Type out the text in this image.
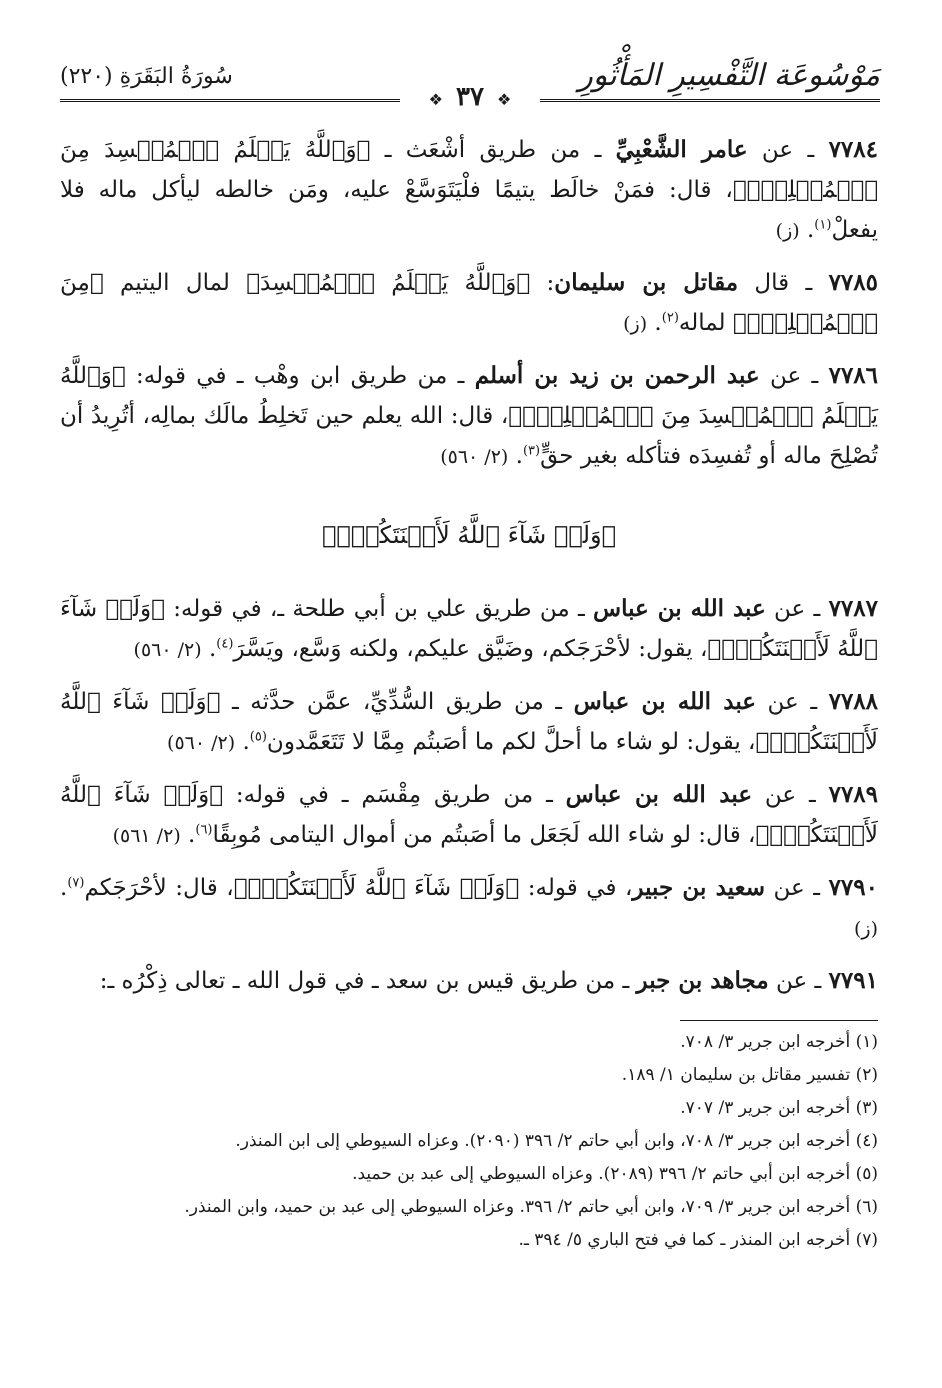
مَوْسُوعَة التَّفْسِيرِ المَأْثُورِ
سُورَةُ البَقَرَةِ (٢٢٠)
❖ ٣٧ ❖

٧٧٨٤ ـ عن عامر الشَّعْبِيِّ ـ من طريق أشْعَث ـ ﴿وَٱللَّهُ يَعۡلَمُ ٱلۡمُفۡسِدَ مِنَ ٱلۡمُصۡلِحِۚ﴾، قال: فمَنْ خالَط يتيمًا فلْيَتَوَسَّعْ عليه، ومَن خالطه ليأكل ماله فلا يفعلْ$^{(١)}$. (ز)

٧٧٨٥ ـ قال مقاتل بن سليمان: ﴿وَٱللَّهُ يَعۡلَمُ ٱلۡمُفۡسِدَ﴾ لمال اليتيم ﴿مِنَ ٱلۡمُصۡلِحِۚ﴾ لماله$^{(٢)}$. (ز)

٧٧٨٦ ـ عن عبد الرحمن بن زيد بن أسلم ـ من طريق ابن وهْب ـ في قوله: ﴿وَٱللَّهُ يَعۡلَمُ ٱلۡمُفۡسِدَ مِنَ ٱلۡمُصۡلِحِۚ﴾، قال: الله يعلم حين تَخلِطُ مالَك بمالِه، أتُرِيدُ أن تُصْلِحَ ماله أو تُفسِدَه فتأكله بغير حقٍّ$^{(٣)}$. (٢/ ٥٦٠)

﴿وَلَوۡ شَآءَ ٱللَّهُ لَأَعۡنَتَكُمۡۚ﴾

٧٧٨٧ ـ عن عبد الله بن عباس ـ من طريق علي بن أبي طلحة ـ، في قوله: ﴿وَلَوۡ شَآءَ ٱللَّهُ لَأَعۡنَتَكُمۡۚ﴾، يقول: لأحْرَجَكم، وضَيَّق عليكم، ولكنه وَسَّع، ويَسَّرَ$^{(٤)}$. (٢/ ٥٦٠)

٧٧٨٨ ـ عن عبد الله بن عباس ـ من طريق السُّدِّيِّ، عمَّن حدَّثه ـ ﴿وَلَوۡ شَآءَ ٱللَّهُ لَأَعۡنَتَكُمۡۚ﴾، يقول: لو شاء ما أحلَّ لكم ما أصَبتُم مِمَّا لا تَتَعَمَّدون$^{(٥)}$. (٢/ ٥٦٠)

٧٧٨٩ ـ عن عبد الله بن عباس ـ من طريق مِقْسَم ـ في قوله: ﴿وَلَوۡ شَآءَ ٱللَّهُ لَأَعۡنَتَكُمۡۚ﴾، قال: لو شاء الله لَجَعَل ما أصَبتُم من أموال اليتامى مُوبِقًا$^{(٦)}$. (٢/ ٥٦١)

٧٧٩٠ ـ عن سعيد بن جبير، في قوله: ﴿وَلَوۡ شَآءَ ٱللَّهُ لَأَعۡنَتَكُمۡۚ﴾، قال: لأحْرَجَكم$^{(٧)}$. (ز)

٧٧٩١ ـ عن مجاهد بن جبر ـ من طريق قيس بن سعد ـ في قول الله ـ تعالى ذِكْرُه ـ:

(١) أخرجه ابن جرير ٣/ ٧٠٨.
(٢) تفسير مقاتل بن سليمان ١/ ١٨٩.
(٣) أخرجه ابن جرير ٣/ ٧٠٧.
(٤) أخرجه ابن جرير ٣/ ٧٠٨، وابن أبي حاتم ٢/ ٣٩٦ (٢٠٩٠). وعزاه السيوطي إلى ابن المنذر.
(٥) أخرجه ابن أبي حاتم ٢/ ٣٩٦ (٢٠٨٩). وعزاه السيوطي إلى عبد بن حميد.
(٦) أخرجه ابن جرير ٣/ ٧٠٩، وابن أبي حاتم ٢/ ٣٩٦. وعزاه السيوطي إلى عبد بن حميد، وابن المنذر.
(٧) أخرجه ابن المنذر ـ كما في فتح الباري ٥/ ٣٩٤ ـ.
